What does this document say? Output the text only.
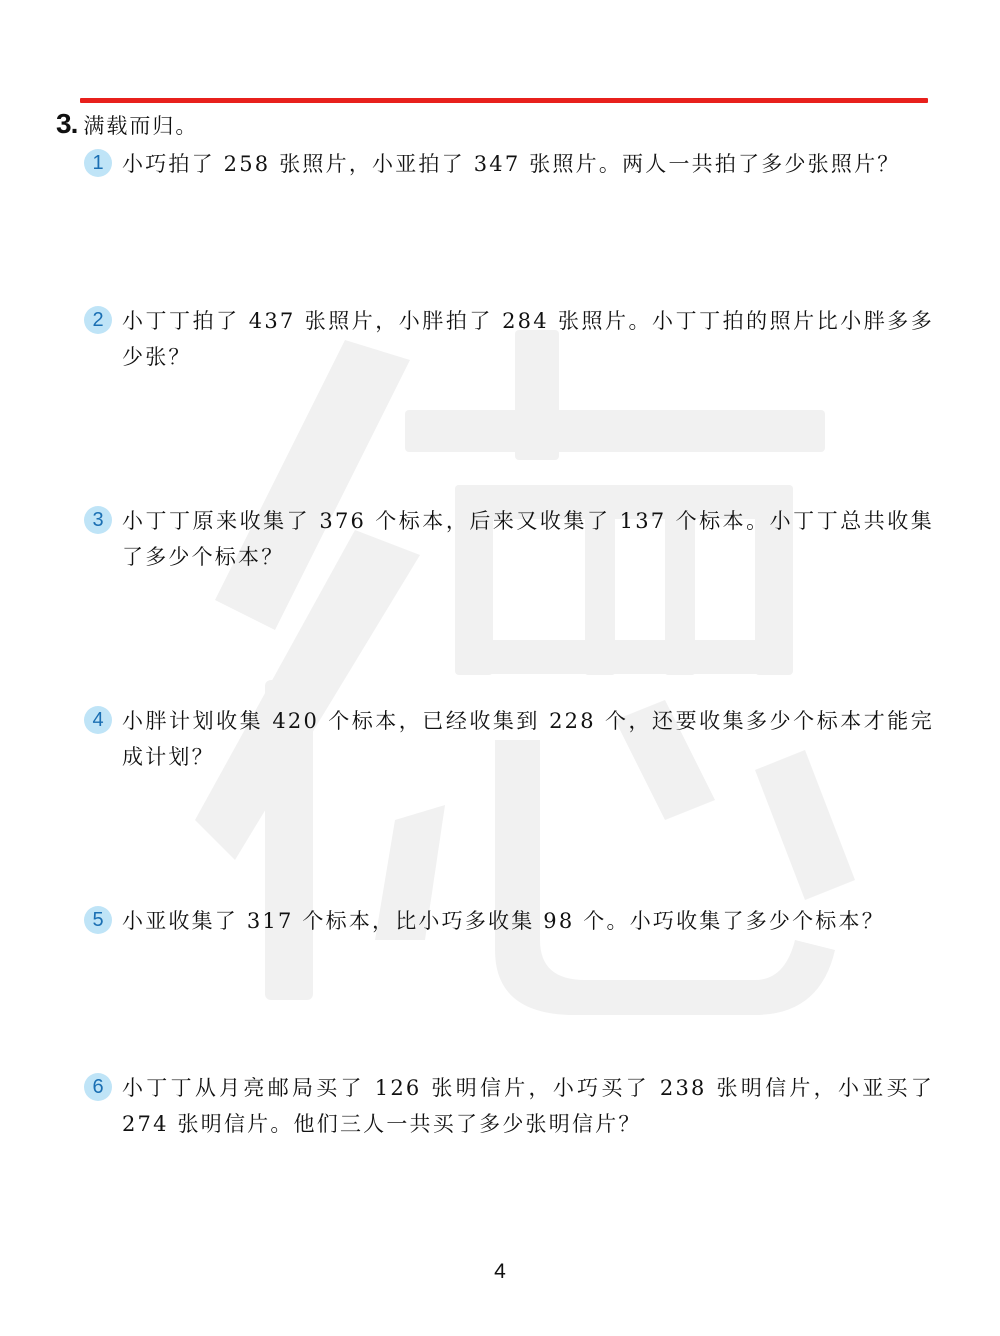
3. 满载而归。
1 小巧拍了 258 张照片，小亚拍了 347 张照片。两人一共拍了多少张照片？
2 小丁丁拍了 437 张照片，小胖拍了 284 张照片。小丁丁拍的照片比小胖多多少张？
3 小丁丁原来收集了 376 个标本，后来又收集了 137 个标本。小丁丁总共收集了多少个标本？
4 小胖计划收集 420 个标本，已经收集到 228 个，还要收集多少个标本才能完成计划？
5 小亚收集了 317 个标本，比小巧多收集 98 个。小巧收集了多少个标本？
6 小丁丁从月亮邮局买了 126 张明信片，小巧买了 238 张明信片，小亚买了 274 张明信片。他们三人一共买了多少张明信片？
4
